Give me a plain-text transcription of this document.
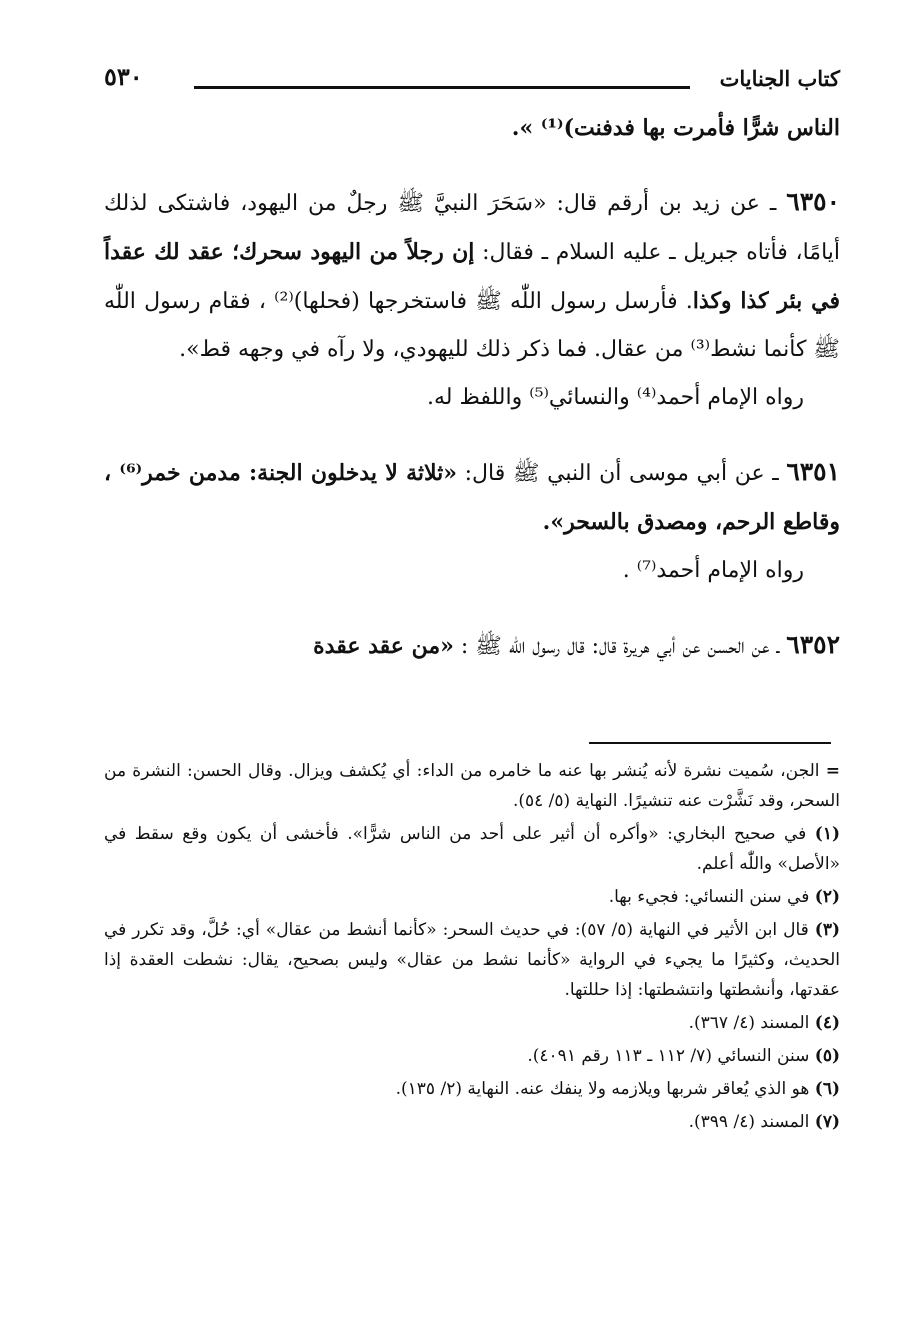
كتاب الجنايات
٥٣٠

الناس شرًّا فأمرت بها فدفنت)⁽¹⁾ ».

٦٣٥٠ ـ عن زيد بن أرقم قال: «سَحَرَ النبيَّ ﷺ رجلٌ من اليهود، فاشتكى لذلك أيامًا، فأتاه جبريل ـ عليه السلام ـ فقال: إن رجلاً من اليهود سحرك؛ عقد لك عقداً في بئر كذا وكذا. فأرسل رسول اللّٰه ﷺ فاستخرجها (فحلها)⁽²⁾ ، فقام رسول اللّٰه ﷺ كأنما نشط⁽³⁾ من عقال. فما ذكر ذلك لليهودي، ولا رآه في وجهه قط».

رواه الإمام أحمد⁽⁴⁾ والنسائي⁽⁵⁾ واللفظ له.

٦٣٥١ ـ عن أبي موسى أن النبي ﷺ قال: «ثلاثة لا يدخلون الجنة: مدمن خمر⁽⁶⁾ ، وقاطع الرحم، ومصدق بالسحر».

رواه الإمام أحمد⁽⁷⁾ .

٦٣٥٢ ـ عن الحسن عن أبي هريرة قال: قال رسول اللّٰه ﷺ : «من عقد عقدة

= الجن، سُميت نشرة لأنه يُنشر بها عنه ما خامره من الداء: أي يُكشف ويزال. وقال الحسن: النشرة من السحر، وقد نَشَّرْت عنه تنشيرًا. النهاية (٥/ ٥٤).

(١) في صحيح البخاري: «وأكره أن أثير على أحد من الناس شرًّا». فأخشى أن يكون وقع سقط في «الأصل» واللّٰه أعلم.

(٢) في سنن النسائي: فجيء بها.

(٣) قال ابن الأثير في النهاية (٥/ ٥٧): في حديث السحر: «كأنما أنشط من عقال» أي: حُلَّ، وقد تكرر في الحديث، وكثيرًا ما يجيء في الرواية «كأنما نشط من عقال» وليس بصحيح، يقال: نشطت العقدة إذا عقدتها، وأنشطتها وانتشطتها: إذا حللتها.

(٤) المسند (٤/ ٣٦٧).

(٥) سنن النسائي (٧/ ١١٢ ـ ١١٣ رقم ٤٠٩١).

(٦) هو الذي يُعاقر شربها ويلازمه ولا ينفك عنه. النهاية (٢/ ١٣٥).

(٧) المسند (٤/ ٣٩٩).
